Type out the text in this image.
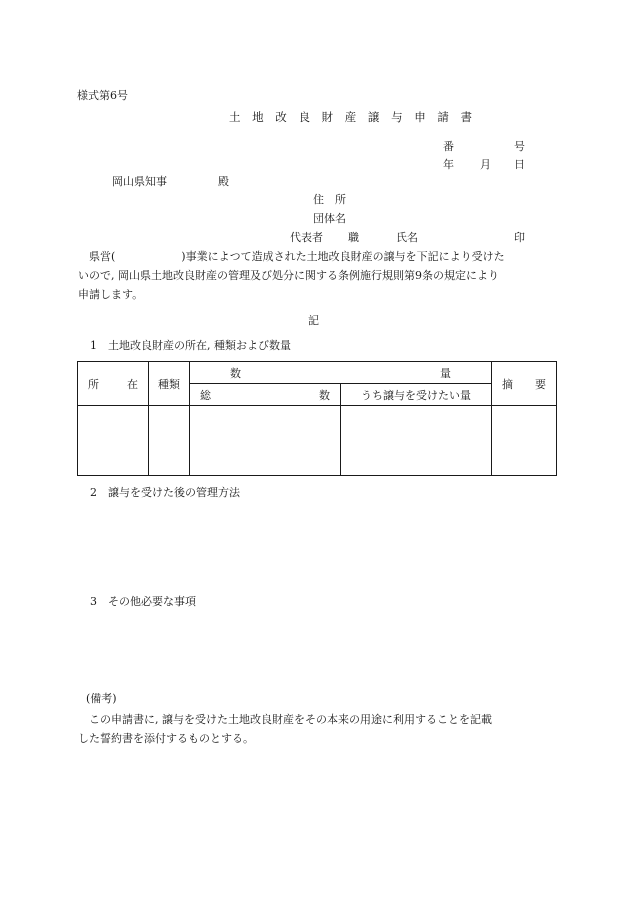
様式第6号
土 地 改 良 財 産 譲 与 申 請 書
番	号
年 月 日
岡山県知事	殿
住　所
団体名
代表者 職	氏名	印
県営(　　　　　　)事業によつて造成された土地改良財産の譲与を下記により受けた
いので, 岡山県土地改良財産の管理及び処分に関する条例施行規則第9条の規定により
申請します。
記
1　土地改良財産の所在, 種類および数量
所 在	種類	数 量		摘 要

		総 数	うち譲与を受けたい量	

2　譲与を受けた後の管理方法
3　その他必要な事項
(備考)
この申請書に, 譲与を受けた土地改良財産をその本来の用途に利用することを記載
した誓約書を添付するものとする。
